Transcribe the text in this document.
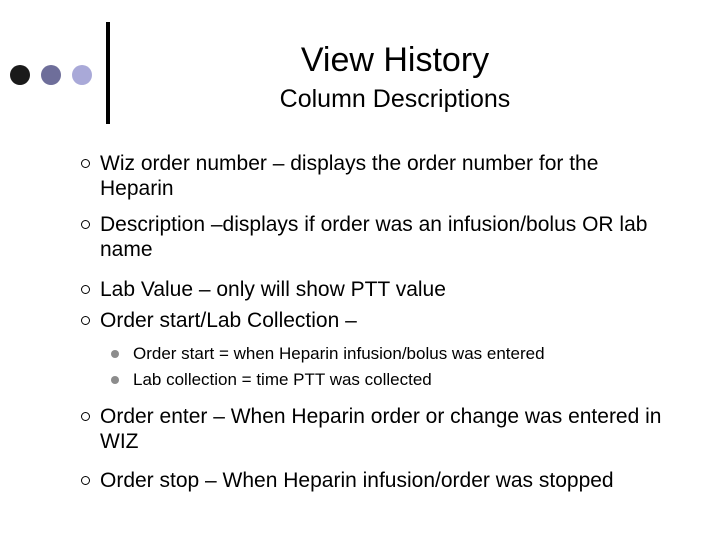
View History
Column Descriptions
Wiz order number – displays the order number for the Heparin
Description –displays if order was an infusion/bolus OR lab name
Lab Value – only will show PTT value
Order start/Lab Collection –
Order start = when Heparin infusion/bolus was entered
Lab collection = time PTT was collected
Order enter – When Heparin order or change was entered in WIZ
Order stop – When Heparin infusion/order was stopped
